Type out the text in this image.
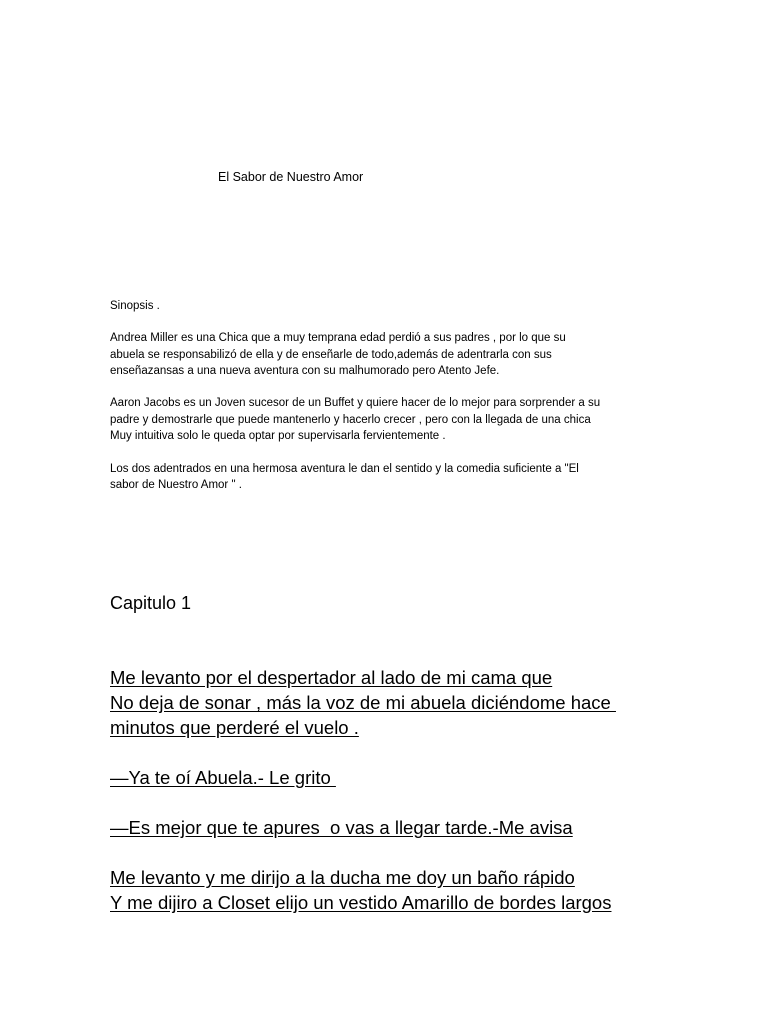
El Sabor de Nuestro Amor

Sinopsis .

Andrea Miller es una Chica que a muy temprana edad perdió a sus padres , por lo que su

abuela se responsabilizó de ella y de enseñarle de todo,además de adentrarla con sus

enseñazansas a una nueva aventura con su malhumorado pero Atento Jefe.

Aaron Jacobs es un Joven sucesor de un Buffet y quiere hacer de lo mejor para sorprender a su

padre y demostrarle que puede mantenerlo y hacerlo crecer , pero con la llegada de una chica

Muy intuitiva solo le queda optar por supervisarla fervientemente .

Los dos adentrados en una hermosa aventura le dan el sentido y la comedia suficiente a "El

sabor de Nuestro Amor " .

Capitulo 1

Me levanto por el despertador al lado de mi cama que
No deja de sonar , más la voz de mi abuela diciéndome hace
minutos que perderé el vuelo .

—Ya te oí Abuela.- Le grito

—Es mejor que te apures  o vas a llegar tarde.-Me avisa

Me levanto y me dirijo a la ducha me doy un baño rápido
Y me dijiro a Closet elijo un vestido Amarillo de bordes largos
